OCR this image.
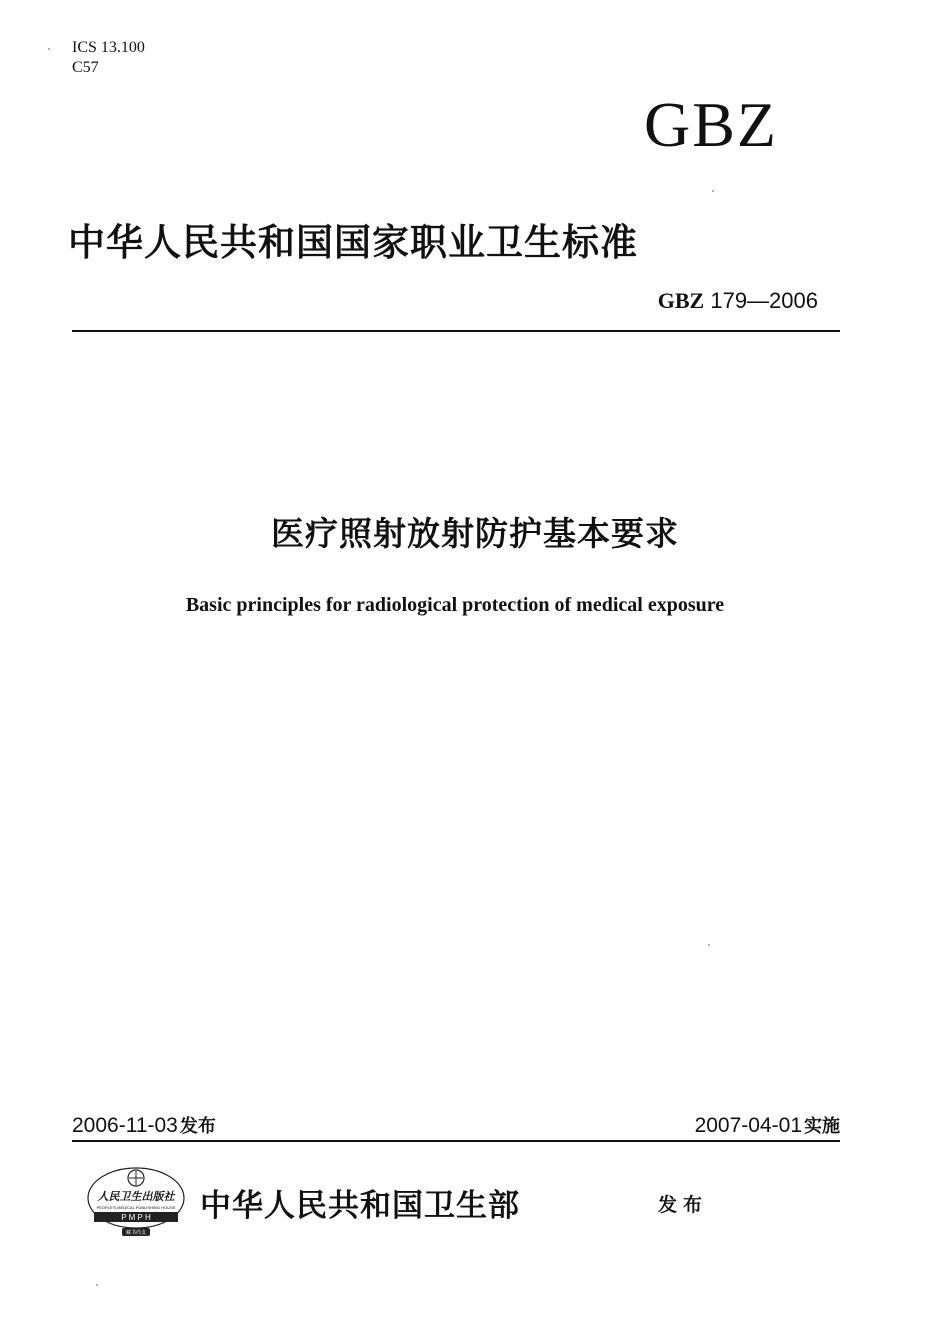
ICS 13.100
C57
GBZ
中华人民共和国国家职业卫生标准
GBZ 179—2006
医疗照射放射防护基本要求
Basic principles for radiological protection of medical exposure
2006-11-03 发布	2007-04-01 实施
人民卫生出版社
PEOPLE'S MEDICAL PUBLISHING HOUSE
P M P H
藏书尚支
中华人民共和国卫生部	发布
